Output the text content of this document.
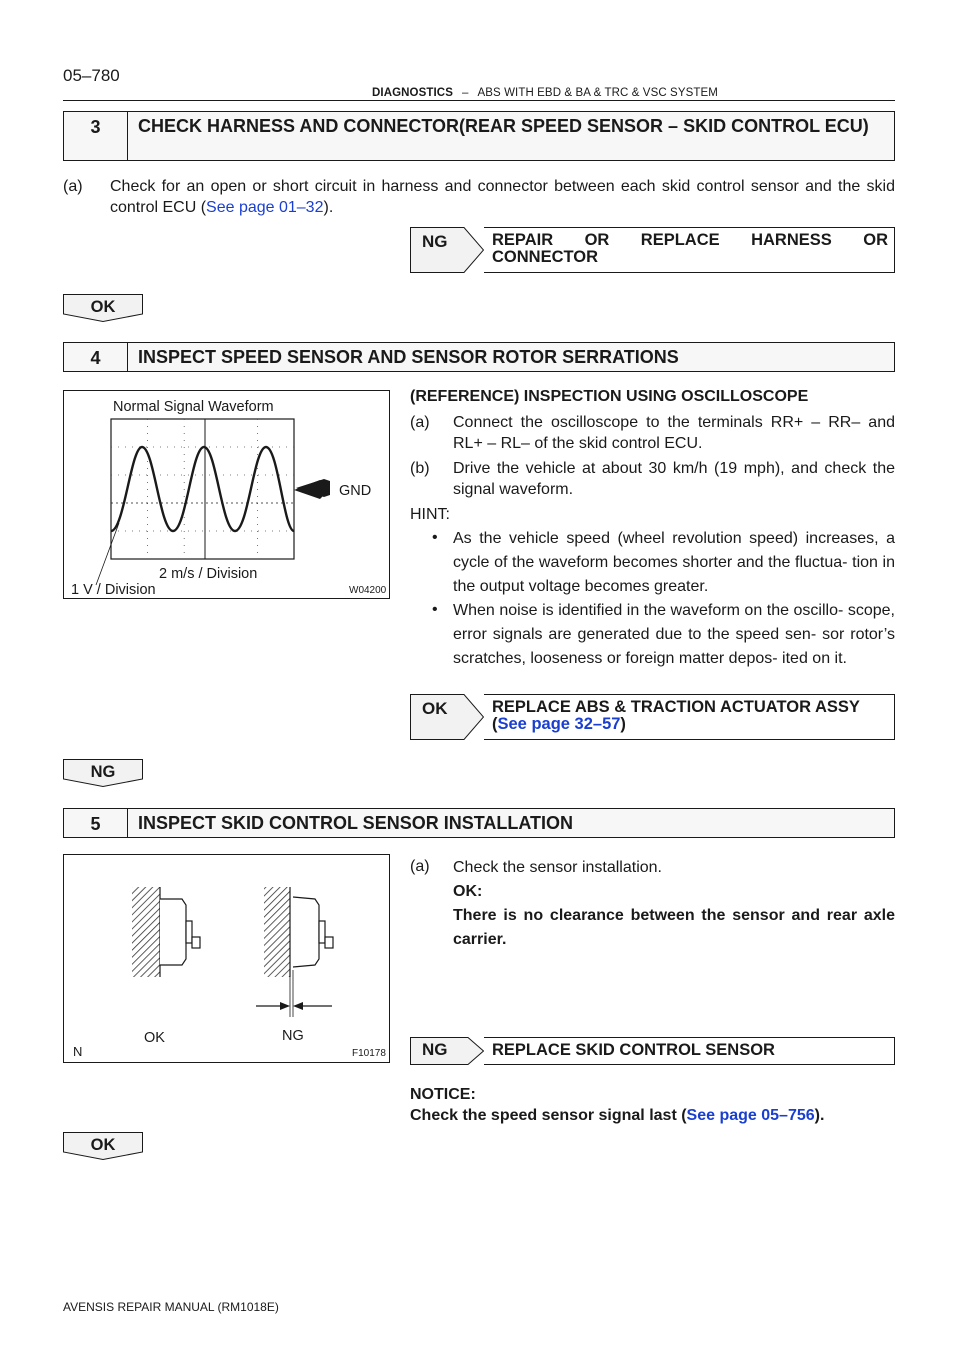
05–780
DIAGNOSTICS – ABS WITH EBD & BA & TRC & VSC SYSTEM
3	CHECK HARNESS AND CONNECTOR(REAR SPEED SENSOR – SKID CONTROL ECU)
(a)	Check for an open or short circuit in harness and connector between each skid control sensor and the skid control ECU (See page 01–32).
NG	REPAIR OR REPLACE HARNESS OR CONNECTOR
OK
4	INSPECT SPEED SENSOR AND SENSOR ROTOR SERRATIONS
Normal Signal Waveform
GND
2 m/s / Division
1 V / Division	W04200
(REFERENCE) INSPECTION USING OSCILLOSCOPE
(a)	Connect the oscilloscope to the terminals RR+ – RR– and RL+ – RL– of the skid control ECU.
(b)	Drive the vehicle at about 30 km/h (19 mph), and check the signal waveform.
HINT:
• As the vehicle speed (wheel revolution speed) increases, a cycle of the waveform becomes shorter and the fluctua- tion in the output voltage becomes greater.
• When noise is identified in the waveform on the oscillo- scope, error signals are generated due to the speed sen- sor rotor’s scratches, looseness or foreign matter depos- ited on it.
OK	REPLACE ABS & TRACTION ACTUATOR ASSY
(See page 32–57)
NG
5	INSPECT SKID CONTROL SENSOR INSTALLATION
OK	NG
N	F10178
(a) Check the sensor installation.
OK:
There is no clearance between the sensor and rear axle carrier.
NG	REPLACE SKID CONTROL SENSOR
NOTICE:
Check the speed sensor signal last (See page 05–756).
OK
AVENSIS REPAIR MANUAL (RM1018E)
